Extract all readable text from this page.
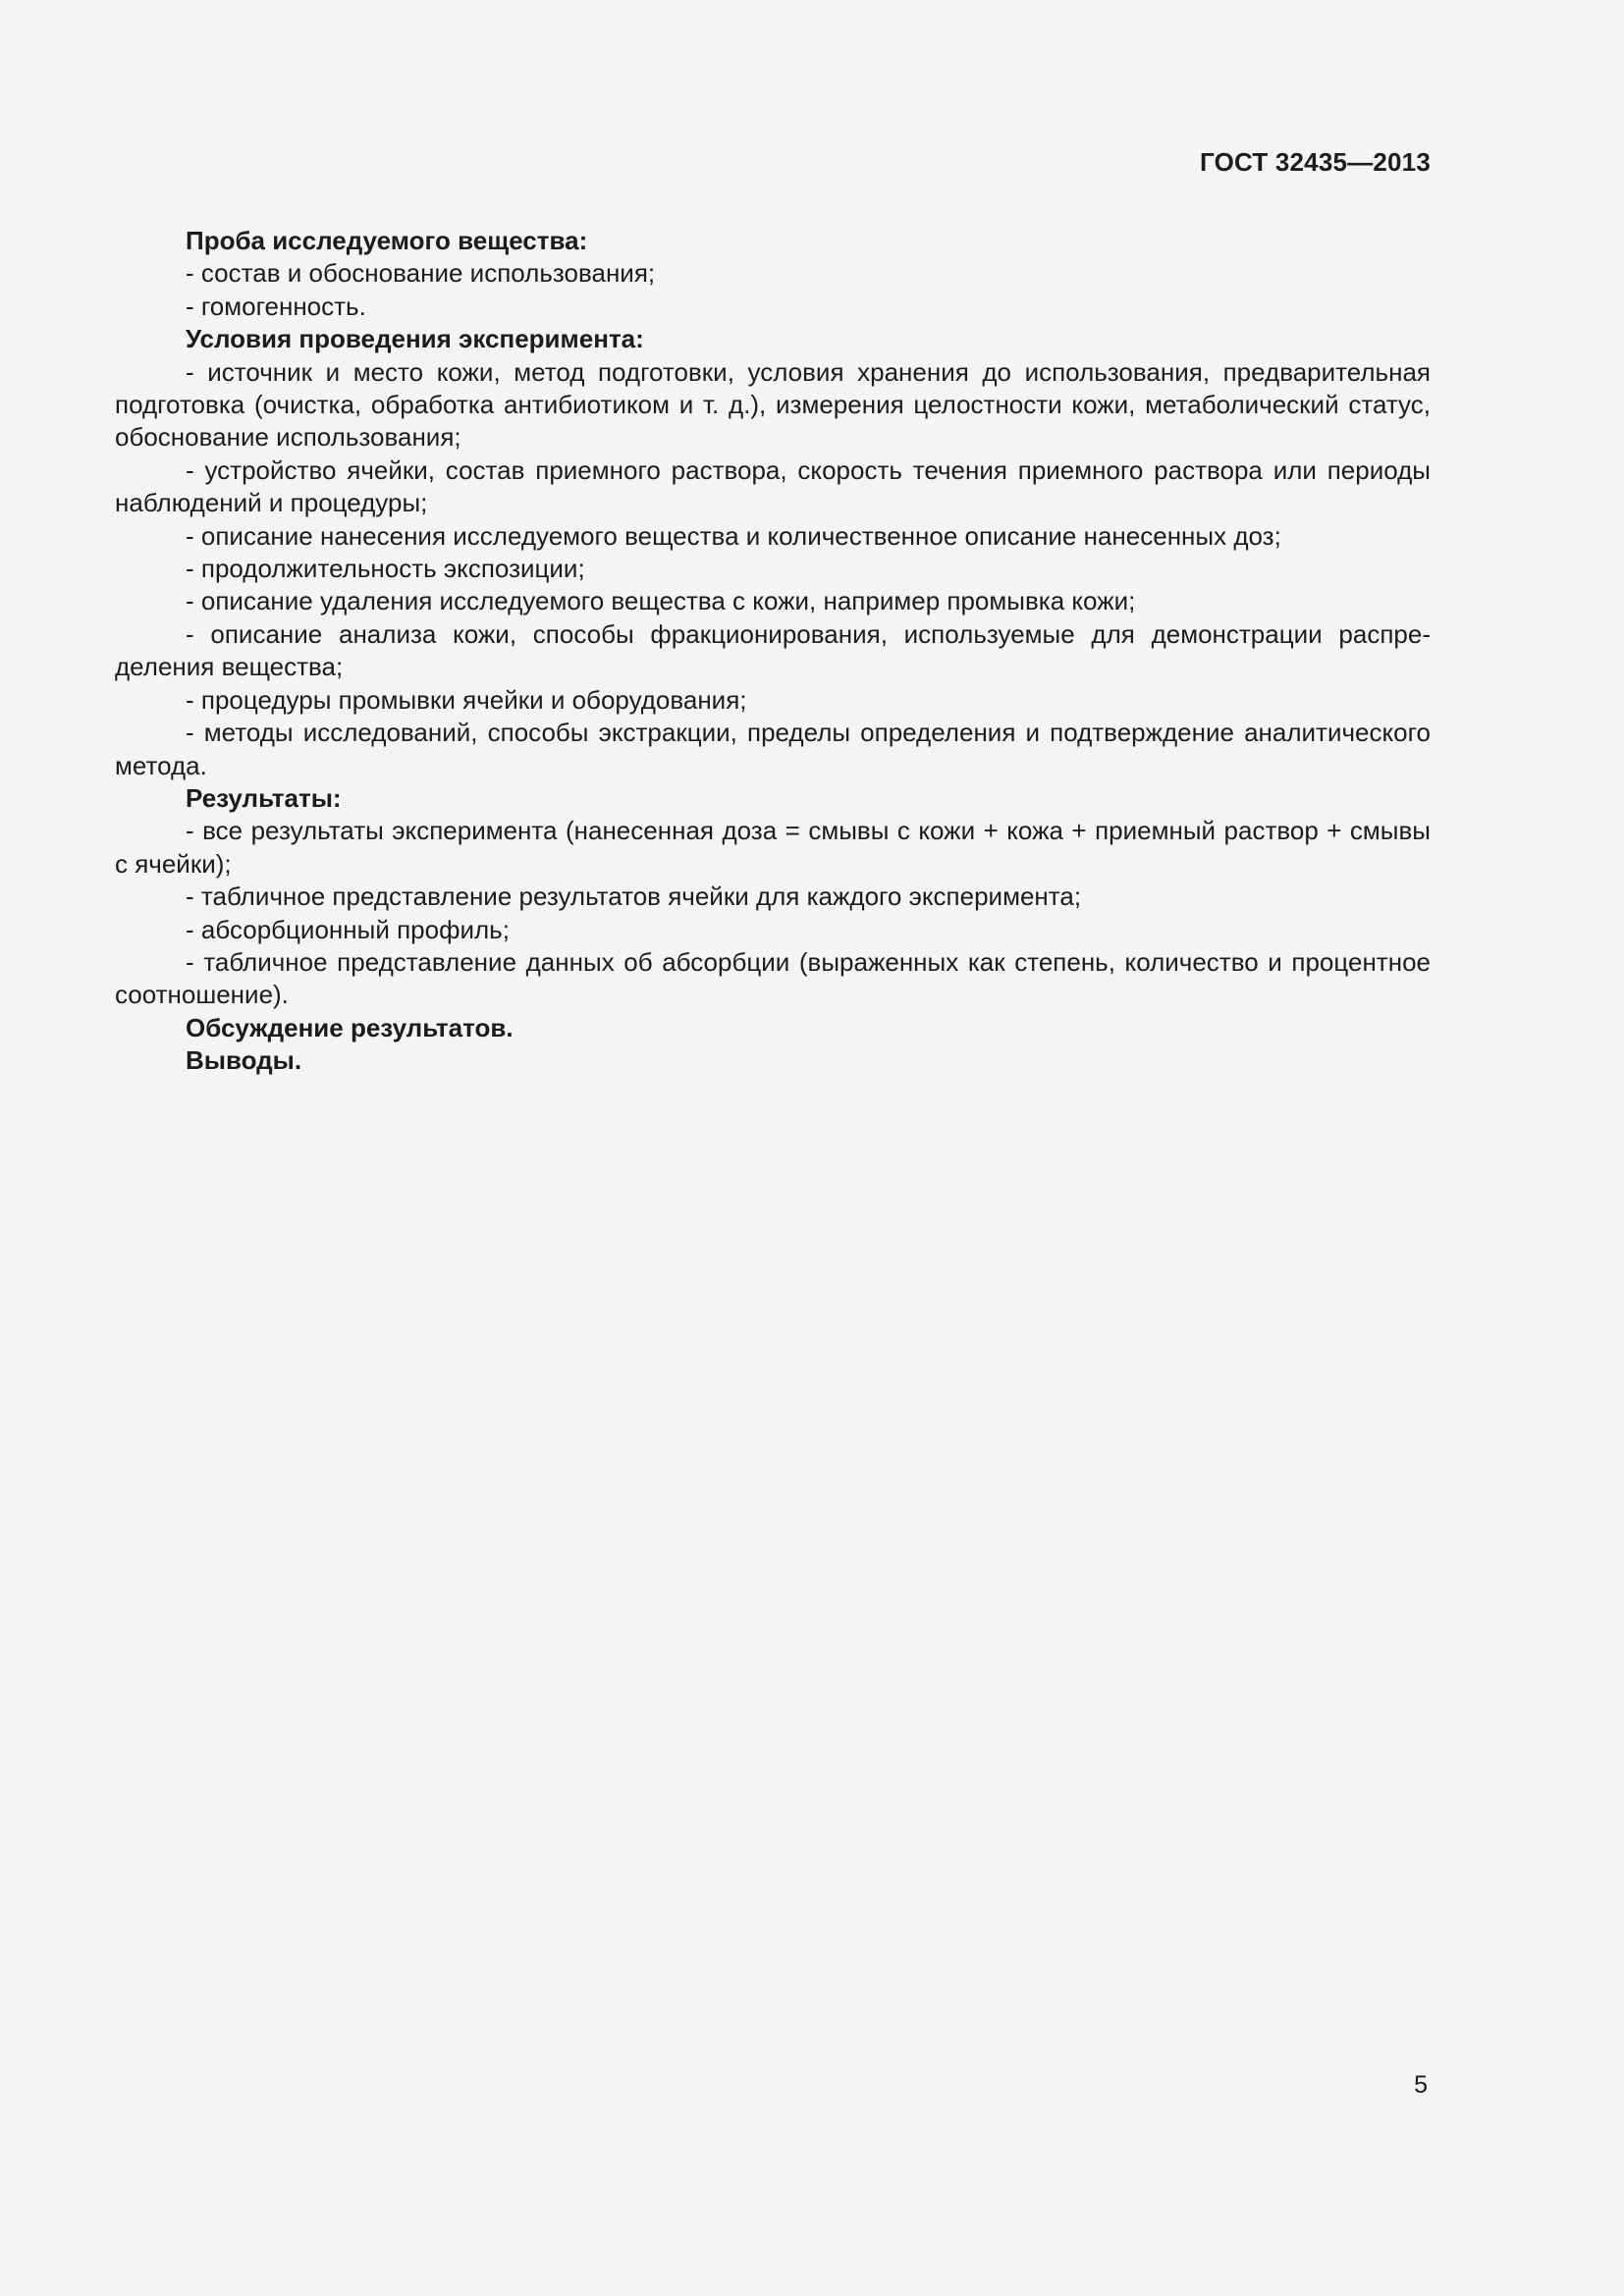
ГОСТ 32435—2013

Проба исследуемого вещества:

- состав и обоснование использования;

- гомогенность.

Условия проведения эксперимента:

- источник и место кожи, метод подготовки, условия хранения до использования, предварительная подготовка (очистка, обработка антибиотиком и т. д.), измерения целостности кожи, метаболический статус, обоснование использования;

- устройство ячейки, состав приемного раствора, скорость течения приемного раствора или периоды наблюдений и процедуры;

- описание нанесения исследуемого вещества и количественное описание нанесенных доз;

- продолжительность экспозиции;

- описание удаления исследуемого вещества с кожи, например промывка кожи;

- описание анализа кожи, способы фракционирования, используемые для демонстрации распределения вещества;

- процедуры промывки ячейки и оборудования;

- методы исследований, способы экстракции, пределы определения и подтверждение аналитического метода.

Результаты:

- все результаты эксперимента (нанесенная доза = смывы с кожи + кожа + приемный раствор + смывы с ячейки);

- табличное представление результатов ячейки для каждого эксперимента;

- абсорбционный профиль;

- табличное представление данных об абсорбции (выраженных как степень, количество и процентное соотношение).

Обсуждение результатов.

Выводы.

5
